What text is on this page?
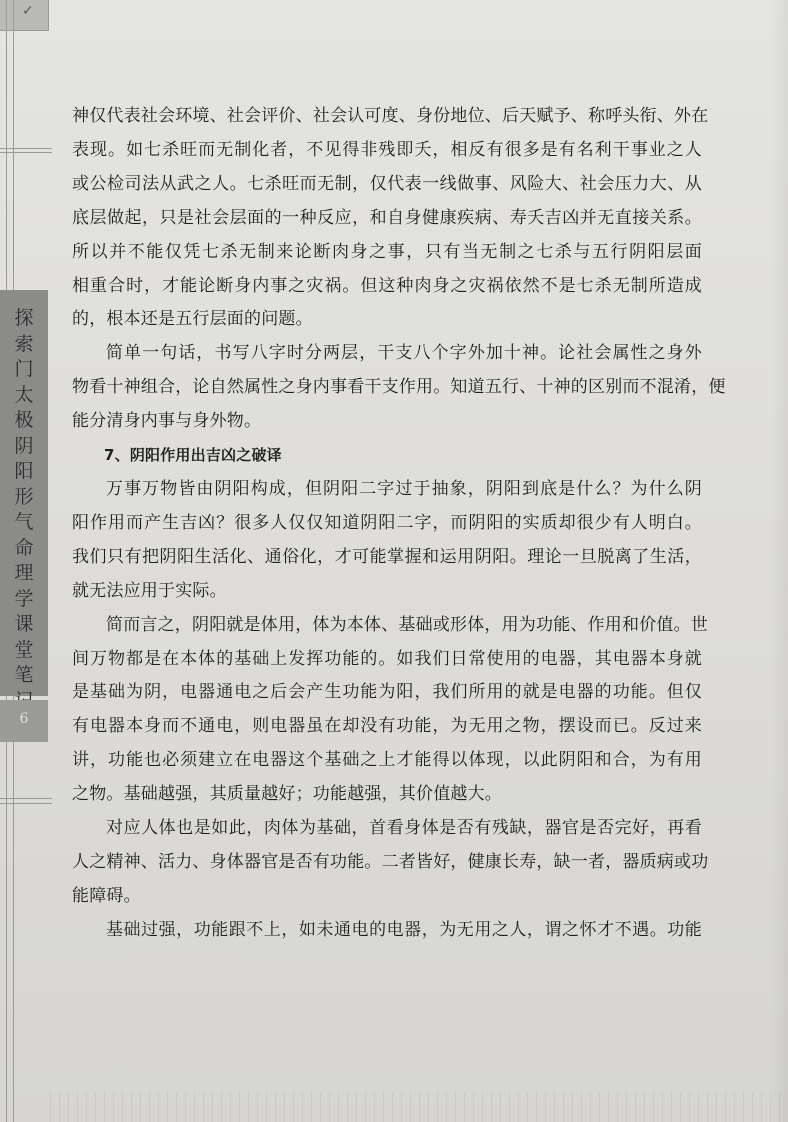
✓
探
索
门
太
极
阴
阳
形
气
命
理
学
课
堂
笔
6

神仅代表社会环境、社会评价、社会认可度、身份地位、后天赋予、称呼头衔、外在

表现。如七杀旺而无制化者，不见得非残即夭，相反有很多是有名利干事业之人

或公检司法从武之人。七杀旺而无制，仅代表一线做事、风险大、社会压力大、从

底层做起，只是社会层面的一种反应，和自身健康疾病、寿夭吉凶并无直接关系。

所以并不能仅凭七杀无制来论断肉身之事，只有当无制之七杀与五行阴阳层面

相重合时，才能论断身内事之灾祸。但这种肉身之灾祸依然不是七杀无制所造成

的，根本还是五行层面的问题。

简单一句话，书写八字时分两层，干支八个字外加十神。论社会属性之身外

物看十神组合，论自然属性之身内事看干支作用。知道五行、十神的区别而不混淆，便

能分清身内事与身外物。

7、阴阳作用出吉凶之破译

万事万物皆由阴阳构成，但阴阳二字过于抽象，阴阳到底是什么？为什么阴

阳作用而产生吉凶？很多人仅仅知道阴阳二字，而阴阳的实质却很少有人明白。

我们只有把阴阳生活化、通俗化，才可能掌握和运用阴阳。理论一旦脱离了生活，

就无法应用于实际。

简而言之，阴阳就是体用，体为本体、基础或形体，用为功能、作用和价值。世

间万物都是在本体的基础上发挥功能的。如我们日常使用的电器，其电器本身就

是基础为阴，电器通电之后会产生功能为阳，我们所用的就是电器的功能。但仅

有电器本身而不通电，则电器虽在却没有功能，为无用之物，摆设而已。反过来

讲，功能也必须建立在电器这个基础之上才能得以体现，以此阴阳和合，为有用

之物。基础越强，其质量越好；功能越强，其价值越大。

对应人体也是如此，肉体为基础，首看身体是否有残缺，器官是否完好，再看

人之精神、活力、身体器官是否有功能。二者皆好，健康长寿，缺一者，器质病或功

能障碍。

基础过强，功能跟不上，如未通电的电器，为无用之人，谓之怀才不遇。功能
